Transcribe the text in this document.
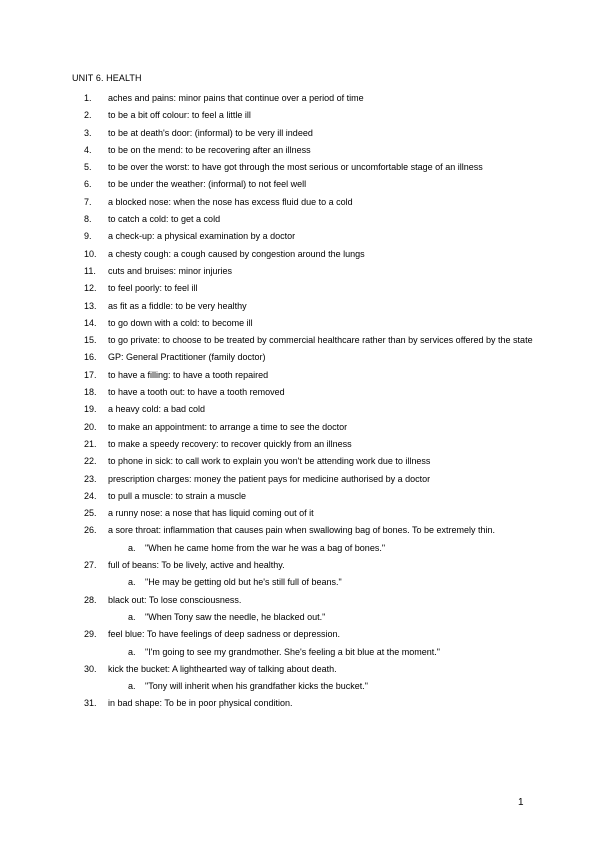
UNIT 6. HEALTH
1.	aches and pains: minor pains that continue over a period of time
2.	to be a bit off colour: to feel a little ill
3.	to be at death's door: (informal) to be very ill indeed
4.	to be on the mend: to be recovering after an illness
5.	to be over the worst: to have got through the most serious or uncomfortable stage of an illness
6.	to be under the weather: (informal) to not feel well
7.	a blocked nose: when the nose has excess fluid due to a cold
8.	to catch a cold: to get a cold
9.	a check-up: a physical examination by a doctor
10.	a chesty cough: a cough caused by congestion around the lungs
11.	cuts and bruises: minor injuries
12.	to feel poorly: to feel ill
13.	as fit as a fiddle: to be very healthy
14.	to go down with a cold: to become ill
15.	to go private: to choose to be treated by commercial healthcare rather than by services offered by the state
16.	GP: General Practitioner (family doctor)
17.	to have a filling: to have a tooth repaired
18.	to have a tooth out: to have a tooth removed
19.	a heavy cold: a bad cold
20.	to make an appointment: to arrange a time to see the doctor
21.	to make a speedy recovery: to recover quickly from an illness
22.	to phone in sick: to call work to explain you won't be attending work due to illness
23.	prescription charges: money the patient pays for medicine authorised by a doctor
24.	to pull a muscle: to strain a muscle
25.	a runny nose: a nose that has liquid coming out of it
26.	a sore throat: inflammation that causes pain when swallowing bag of bones. To be extremely thin.
a. "When he came home from the war he was a bag of bones."
27.	full of beans: To be lively, active and healthy.
a. "He may be getting old but he's still full of beans."
28.	black out: To lose consciousness.
a. "When Tony saw the needle, he blacked out."
29.	feel blue: To have feelings of deep sadness or depression.
a. "I'm going to see my grandmother. She's feeling a bit blue at the moment."
30.	kick the bucket: A lighthearted way of talking about death.
a. "Tony will inherit when his grandfather kicks the bucket."
31.	in bad shape: To be in poor physical condition.
1
